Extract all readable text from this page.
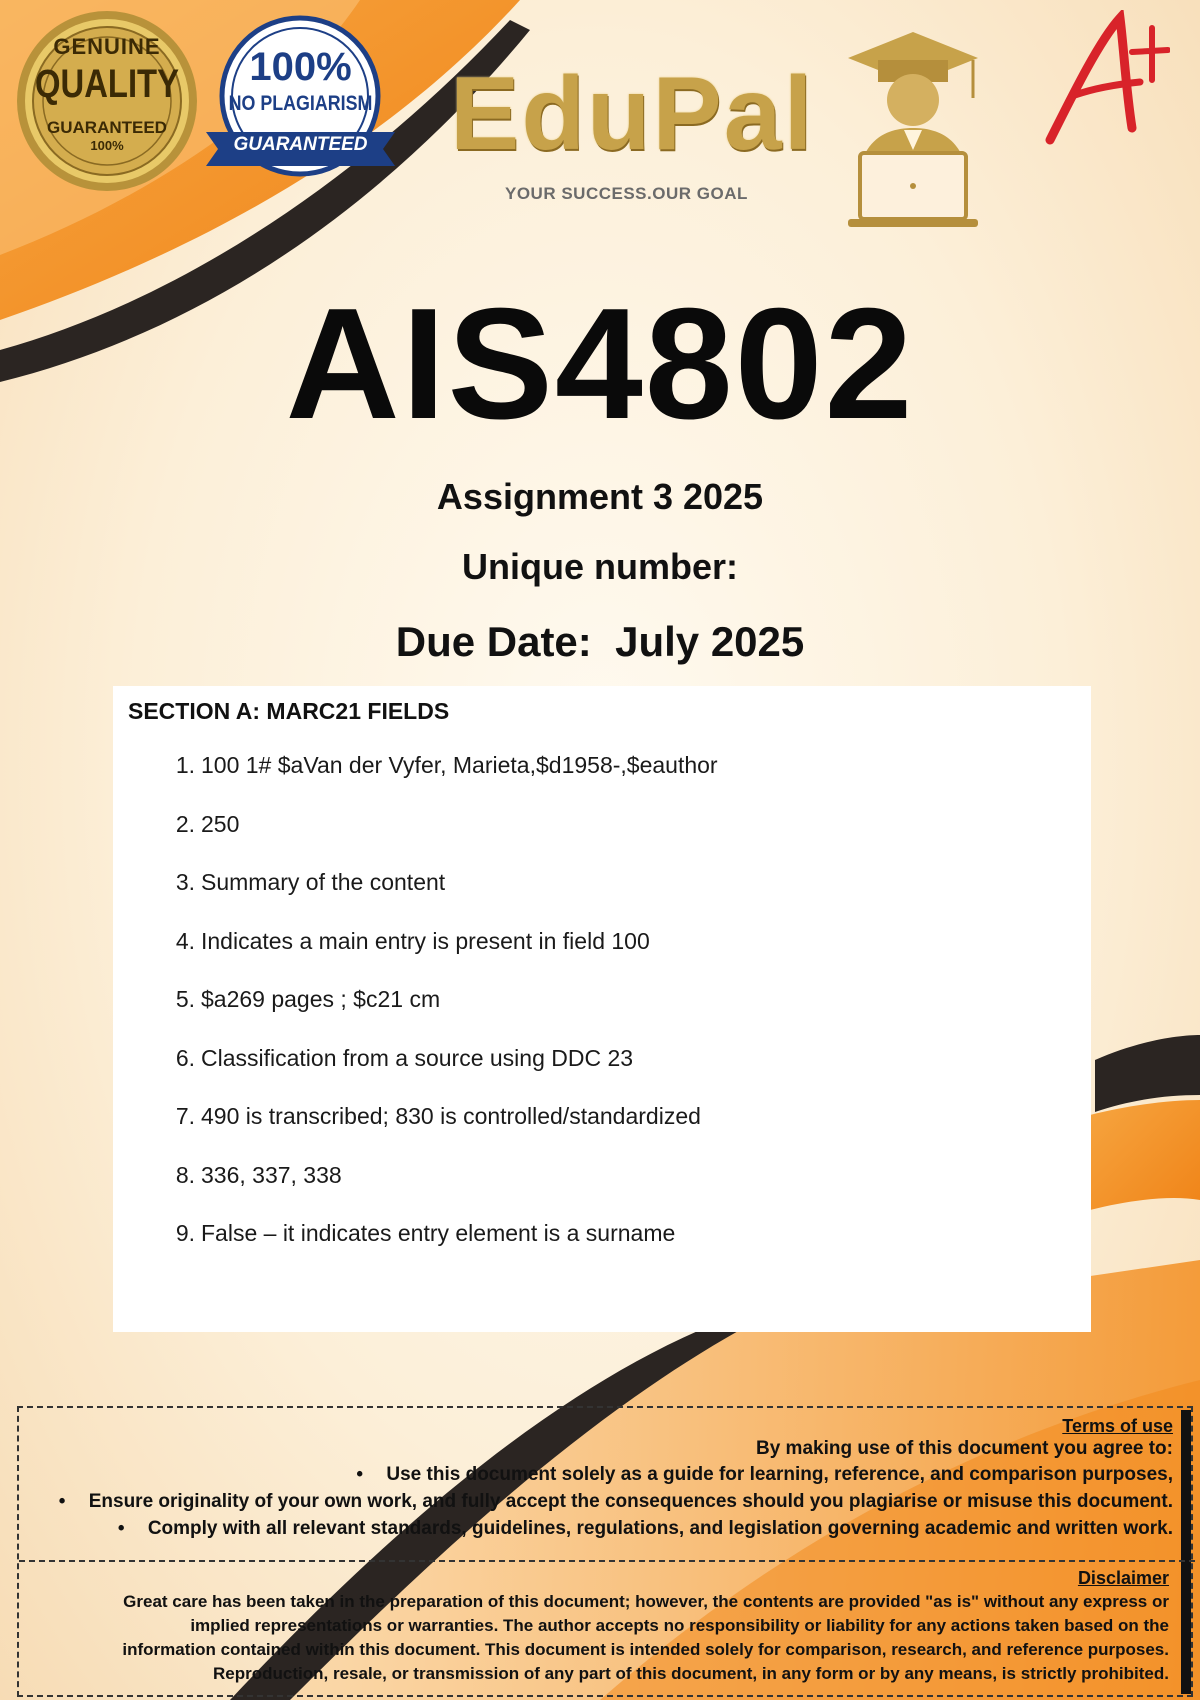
GENUINE
QUALITY
GUARANTEED
100%
100%
NO PLAGIARISM
GUARANTEED EduPal
YOUR SUCCESS.OUR GOAL
AIS4802
Assignment 3 2025
Unique number:
Due Date:  July 2025
SECTION A: MARC21 FIELDS
1. 100 1# $aVan der Vyfer, Marieta,$d1958-,$eauthor
2. 250
3. Summary of the content
4. Indicates a main entry is present in field 100
5. $a269 pages ; $c21 cm
6. Classification from a source using DDC 23
7. 490 is transcribed; 830 is controlled/standardized
8. 336, 337, 338
9. False – it indicates entry element is a surname
Terms of use
By making use of this document you agree to:
• Use this document solely as a guide for learning, reference, and comparison purposes,
• Ensure originality of your own work, and fully accept the consequences should you plagiarise or misuse this document.
• Comply with all relevant standards, guidelines, regulations, and legislation governing academic and written work.
Disclaimer
Great care has been taken in the preparation of this document; however, the contents are provided "as is" without any express or
implied representations or warranties. The author accepts no responsibility or liability for any actions taken based on the
information contained within this document. This document is intended solely for comparison, research, and reference purposes.
Reproduction, resale, or transmission of any part of this document, in any form or by any means, is strictly prohibited.
